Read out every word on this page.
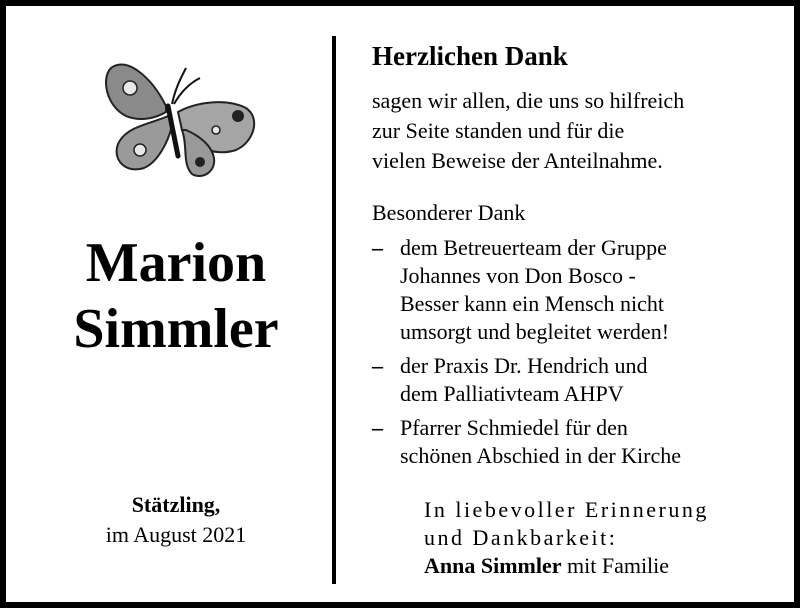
Marion
Simmler
Stätzling,
im August 2021
Herzlichen Dank
sagen wir allen, die uns so hilfreich
zur Seite standen und für die
vielen Beweise der Anteilnahme.
Besonderer Dank
– dem Betreuerteam der Gruppe
Johannes von Don Bosco -
Besser kann ein Mensch nicht
umsorgt und begleitet werden!
– der Praxis Dr. Hendrich und
dem Palliativteam AHPV
– Pfarrer Schmiedel für den
schönen Abschied in der Kirche
In liebevoller Erinnerung
und Dankbarkeit:
Anna Simmler mit Familie
